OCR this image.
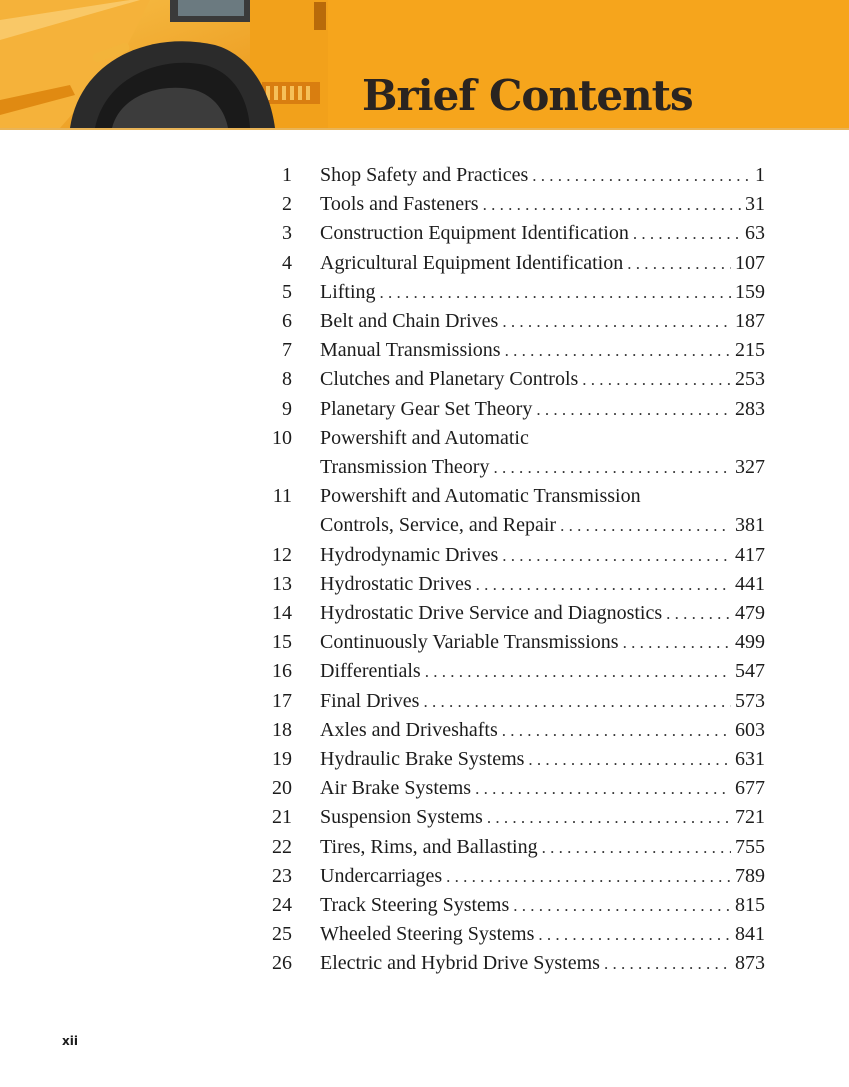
Brief Contents
1 Shop Safety and Practices . . .	1
2 Tools and Fasteners . . .	31
3 Construction Equipment Identification . . .	63
4 Agricultural Equipment Identification . . .	107
5 Lifting . . .	159
6 Belt and Chain Drives . . .	187
7 Manual Transmissions . . .	215
8 Clutches and Planetary Controls . . .	253
9 Planetary Gear Set Theory . . .	283
10 Powershift and Automatic
Transmission Theory . . .	327
11 Powershift and Automatic Transmission
Controls, Service, and Repair . . .	381
12 Hydrodynamic Drives . . .	417
13 Hydrostatic Drives . . .	441
14 Hydrostatic Drive Service and Diagnostics . . .	479
15 Continuously Variable Transmissions . . .	499
16 Differentials . . .	547
17 Final Drives . . .	573
18 Axles and Driveshafts . . .	603
19 Hydraulic Brake Systems . . .	631
20 Air Brake Systems . . .	677
21 Suspension Systems . . .	721
22 Tires, Rims, and Ballasting . . .	755
23 Undercarriages . . .	789
24 Track Steering Systems . . .	815
25 Wheeled Steering Systems . . .	841
26 Electric and Hybrid Drive Systems . . .	873
xii
